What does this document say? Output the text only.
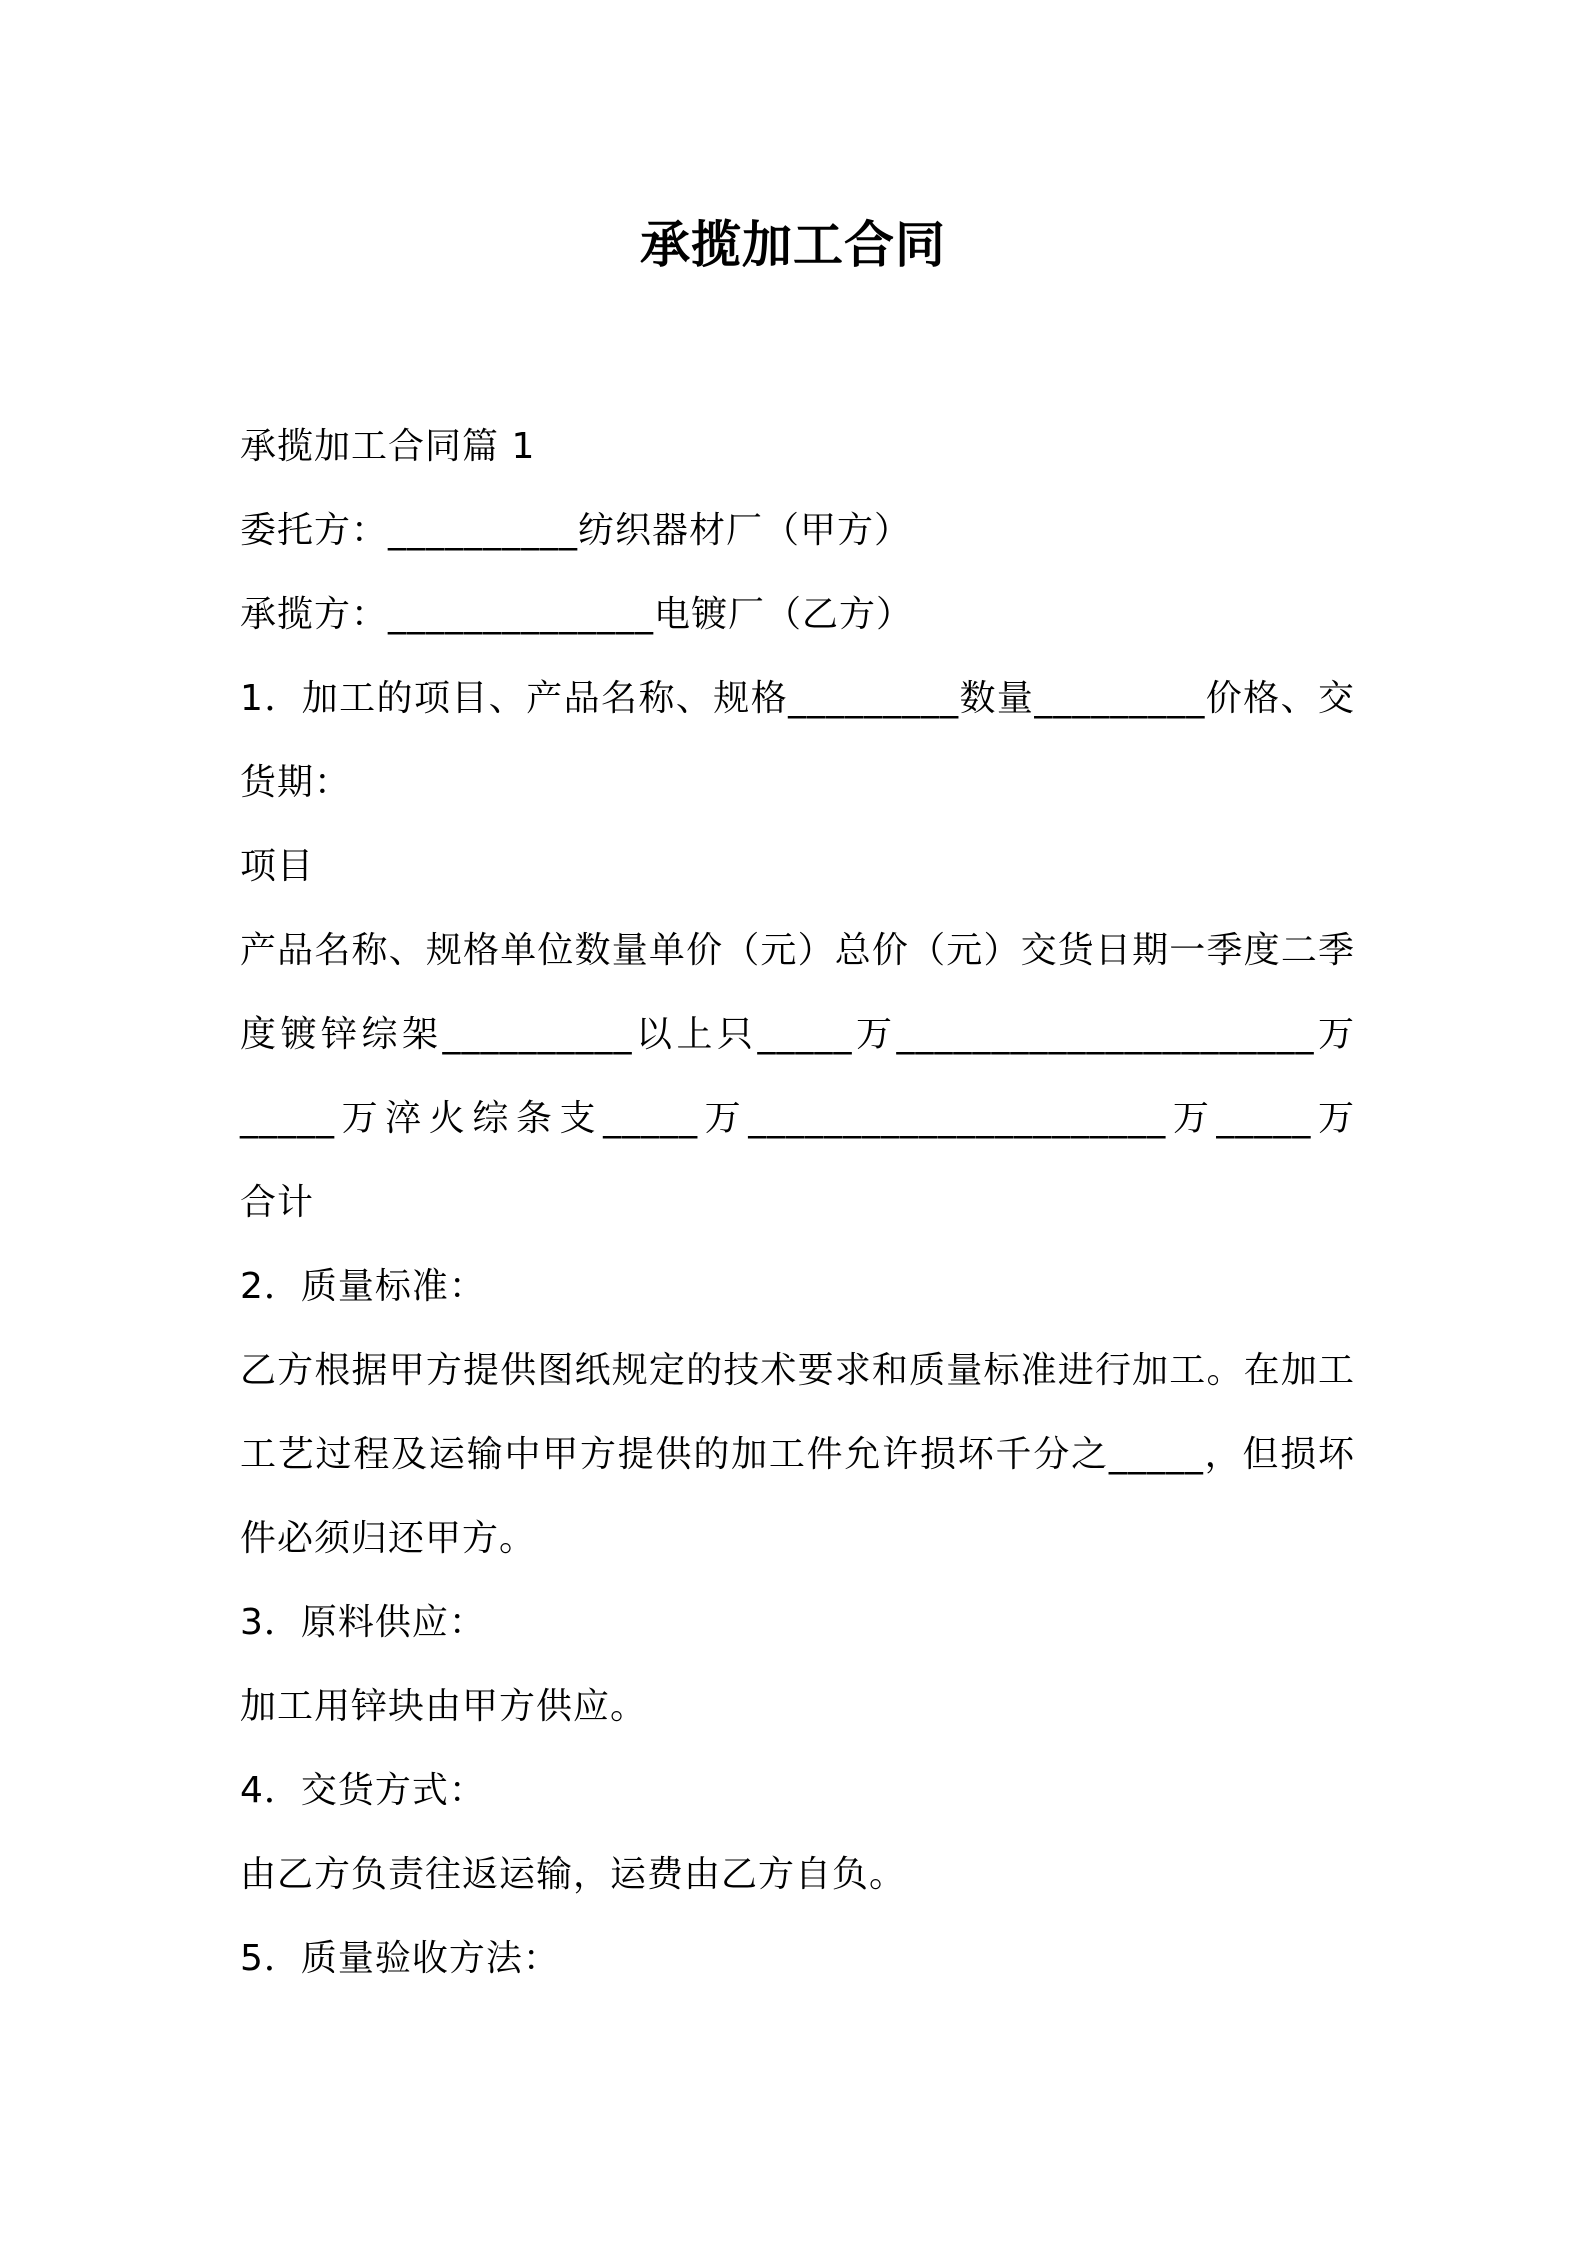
承揽加工合同
承揽加工合同篇 1
委托方：__________纺织器材厂（甲方）
承揽方：______________电镀厂（乙方）
1．加工的项目、产品名称、规格_________数量_________价格、交
货期：
项目
产品名称、规格单位数量单价（元）总价（元）交货日期一季度二季
度镀锌综架__________以上只_____万______________________万
_____万淬火综条支_____万______________________万_____万
合计
2．质量标准：
乙方根据甲方提供图纸规定的技术要求和质量标准进行加工。在加工
工艺过程及运输中甲方提供的加工件允许损坏千分之_____，但损坏
件必须归还甲方。
3．原料供应：
加工用锌块由甲方供应。
4．交货方式：
由乙方负责往返运输，运费由乙方自负。
5．质量验收方法：
